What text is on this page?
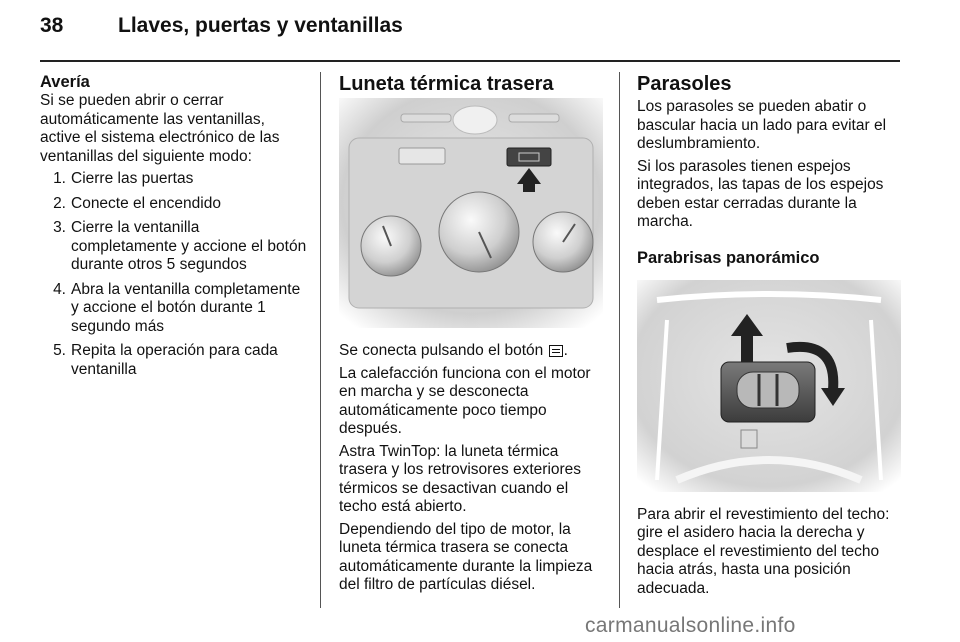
38	Llaves, puertas y ventanillas
Avería

Si se pueden abrir o cerrar automáticamente las ventanillas, active el sistema electrónico de las ventanillas del siguiente modo:

1. Cierre las puertas
2. Conecte el encendido
3. Cierre la ventanilla completamente y accione el botón durante otros 5 segundos
4. Abra la ventanilla completamente y accione el botón durante 1 segundo más
5. Repita la operación para cada ventanilla
Luneta térmica trasera

Se conecta pulsando el botón .

La calefacción funciona con el motor en marcha y se desconecta automáticamente poco tiempo después.

Astra TwinTop: la luneta térmica trasera y los retrovisores exteriores térmicos se desactivan cuando el techo está abierto.

Dependiendo del tipo de motor, la luneta térmica trasera se conecta automáticamente durante la limpieza del filtro de partículas diésel.

Parasoles

Los parasoles se pueden abatir o bascular hacia un lado para evitar el deslumbramiento.

Si los parasoles tienen espejos integrados, las tapas de los espejos deben estar cerradas durante la marcha.

Parabrisas panorámico

Para abrir el revestimiento del techo: gire el asidero hacia la derecha y desplace el revestimiento del techo hacia atrás, hasta una posición adecuada.

carmanualsonline.info
